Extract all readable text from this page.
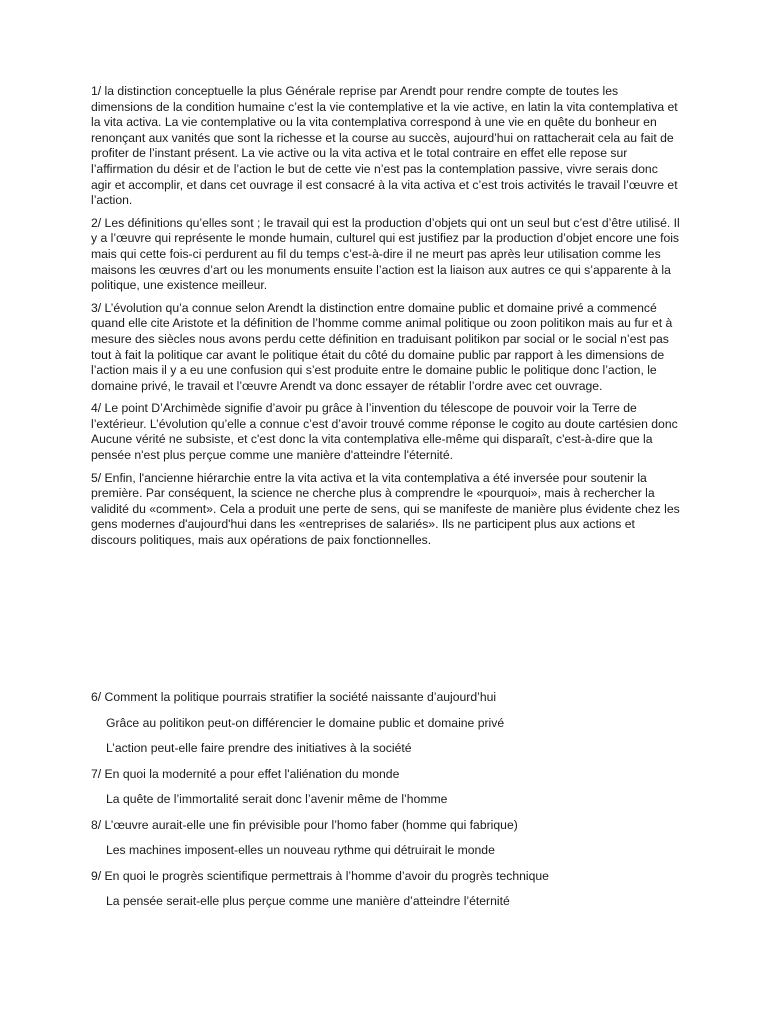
1/ la distinction conceptuelle la plus Générale reprise par Arendt pour rendre compte de toutes les dimensions de la condition humaine c’est la vie contemplative et la vie active, en latin la vita contemplativa et la vita activa. La vie contemplative ou la vita contemplativa correspond à une vie en quête du bonheur en renonçant aux vanités que sont la richesse et la course au succès, aujourd’hui on rattacherait cela au fait de profiter de l’instant présent. La vie active ou la vita activa et le total contraire en effet elle repose sur l’affirmation du désir et de l’action le but de cette vie n’est pas la contemplation passive, vivre serais donc agir et accomplir, et dans cet ouvrage il est consacré à la vita activa et c’est trois activités le travail l’œuvre et l’action.

2/ Les définitions qu’elles sont ; le travail qui est la production d’objets qui ont un seul but c’est d’être utilisé. Il y a l’œuvre qui représente le monde humain, culturel qui est justifiez par la production d’objet encore une fois mais qui cette fois-ci perdurent au fil du temps c’est-à-dire il ne meurt pas après leur utilisation comme les maisons les œuvres d’art ou les monuments ensuite l’action est la liaison aux autres ce qui s’apparente à la politique, une existence meilleur.

3/ L’évolution qu’a connue selon Arendt la distinction entre domaine public et domaine privé a commencé quand elle cite Aristote et la définition de l’homme comme animal politique ou zoon politikon mais au fur et à mesure des siècles nous avons perdu cette définition en traduisant politikon par social or le social n’est pas tout à fait la politique car avant le politique était du côté du domaine public par rapport à les dimensions de l’action mais il y a eu une confusion qui s’est produite entre le domaine public le politique donc l’action, le domaine privé, le travail et l’œuvre Arendt va donc essayer de rétablir l’ordre avec cet ouvrage.

4/ Le point D’Archimède signifie d’avoir pu grâce à l’invention du télescope de pouvoir voir la Terre de l’extérieur. L’évolution qu’elle a connue c’est d’avoir trouvé comme réponse le cogito au doute cartésien donc Aucune vérité ne subsiste, et c'est donc la vita contemplativa elle-même qui disparaît, c'est-à-dire que la pensée n'est plus perçue comme une manière d'atteindre l'éternité.

5/ Enfin, l'ancienne hiérarchie entre la vita activa et la vita contemplativa a été inversée pour soutenir la première. Par conséquent, la science ne cherche plus à comprendre le «pourquoi», mais à rechercher la validité du «comment». Cela a produit une perte de sens, qui se manifeste de manière plus évidente chez les gens modernes d'aujourd'hui dans les «entreprises de salariés». Ils ne participent plus aux actions et discours politiques, mais aux opérations de paix fonctionnelles.

6/ Comment la politique pourrais stratifier la société naissante d’aujourd’hui

Grâce au politikon peut-on différencier le domaine public et domaine privé

L’action peut-elle faire prendre des initiatives à la société

7/ En quoi la modernité a pour effet l'aliénation du monde

La quête de l’immortalité serait donc l’avenir même de l’homme

8/ L’œuvre aurait-elle une fin prévisible pour l’homo faber (homme qui fabrique)

Les machines imposent-elles un nouveau rythme qui détruirait le monde

9/ En quoi le progrès scientifique permettrais à l’homme d’avoir du progrès technique

La pensée serait-elle plus perçue comme une manière d’atteindre l’éternité
